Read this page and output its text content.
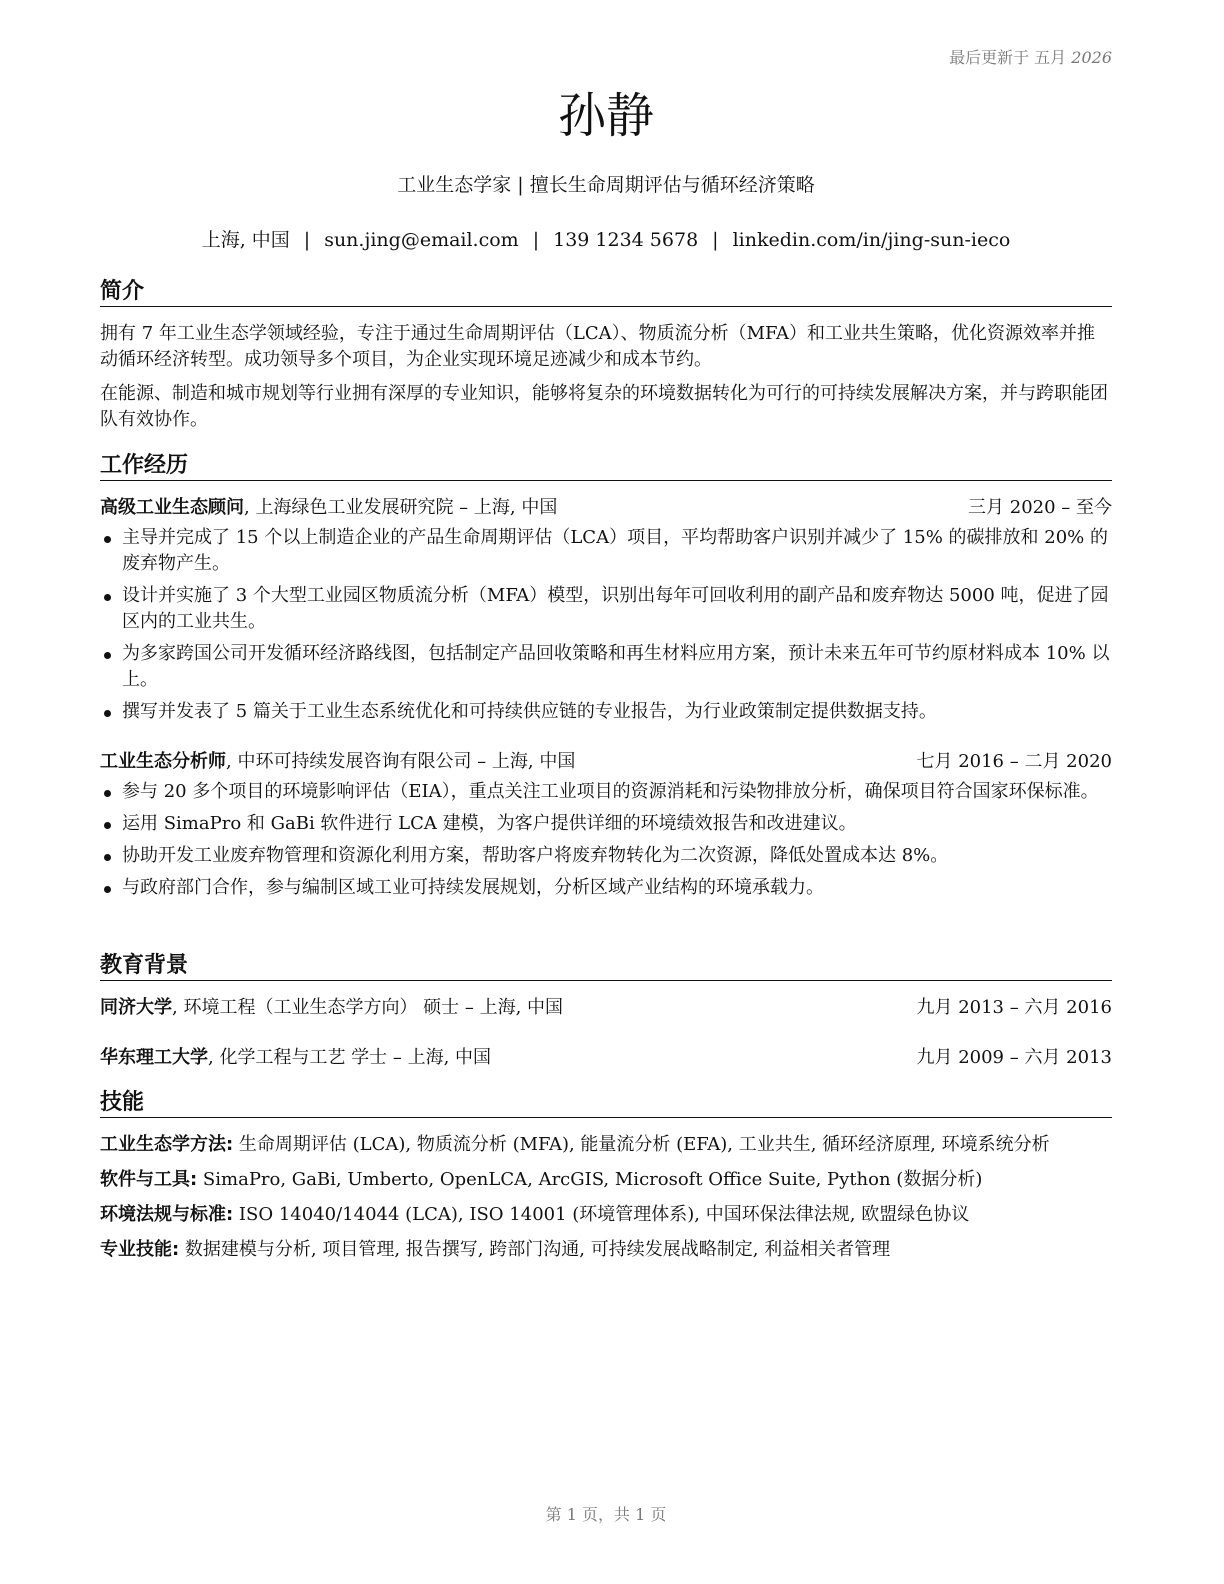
最后更新于 五月 2026
孙静
工业生态学家 | 擅长生命周期评估与循环经济策略
上海, 中国 | sun.jing@email.com | 139 1234 5678 | linkedin.com/in/jing-sun-ieco
简介

拥有 7 年工业生态学领域经验，专注于通过生命周期评估（LCA）、物质流分析（MFA）和工业共生策略，优化资源效率并推动循环经济转型。成功领导多个项目，为企业实现环境足迹减少和成本节约。

在能源、制造和城市规划等行业拥有深厚的专业知识，能够将复杂的环境数据转化为可行的可持续发展解决方案，并与跨职能团队有效协作。

工作经历
高级工业生态顾问, 上海绿色工业发展研究院 – 上海, 中国	三月 2020 – 至今
主导并完成了 15 个以上制造企业的产品生命周期评估（LCA）项目，平均帮助客户识别并减少了 15% 的碳排放和 20% 的废弃物产生。
设计并实施了 3 个大型工业园区物质流分析（MFA）模型，识别出每年可回收利用的副产品和废弃物达 5000 吨，促进了园区内的工业共生。
为多家跨国公司开发循环经济路线图，包括制定产品回收策略和再生材料应用方案，预计未来五年可节约原材料成本 10% 以上。
撰写并发表了 5 篇关于工业生态系统优化和可持续供应链的专业报告，为行业政策制定提供数据支持。
工业生态分析师, 中环可持续发展咨询有限公司 – 上海, 中国	七月 2016 – 二月 2020
参与 20 多个项目的环境影响评估（EIA），重点关注工业项目的资源消耗和污染物排放分析，确保项目符合国家环保标准。
运用 SimaPro 和 GaBi 软件进行 LCA 建模，为客户提供详细的环境绩效报告和改进建议。
协助开发工业废弃物管理和资源化利用方案，帮助客户将废弃物转化为二次资源，降低处置成本达 8%。
与政府部门合作，参与编制区域工业可持续发展规划，分析区域产业结构的环境承载力。
教育背景
同济大学, 环境工程（工业生态学方向） 硕士 – 上海, 中国	九月 2013 – 六月 2016
华东理工大学, 化学工程与工艺 学士 – 上海, 中国	九月 2009 – 六月 2013
技能
工业生态学方法: 生命周期评估 (LCA), 物质流分析 (MFA), 能量流分析 (EFA), 工业共生, 循环经济原理, 环境系统分析
软件与工具: SimaPro, GaBi, Umberto, OpenLCA, ArcGIS, Microsoft Office Suite, Python (数据分析)
环境法规与标准: ISO 14040/14044 (LCA), ISO 14001 (环境管理体系), 中国环保法律法规, 欧盟绿色协议
专业技能: 数据建模与分析, 项目管理, 报告撰写, 跨部门沟通, 可持续发展战略制定, 利益相关者管理
第 1 页，共 1 页
